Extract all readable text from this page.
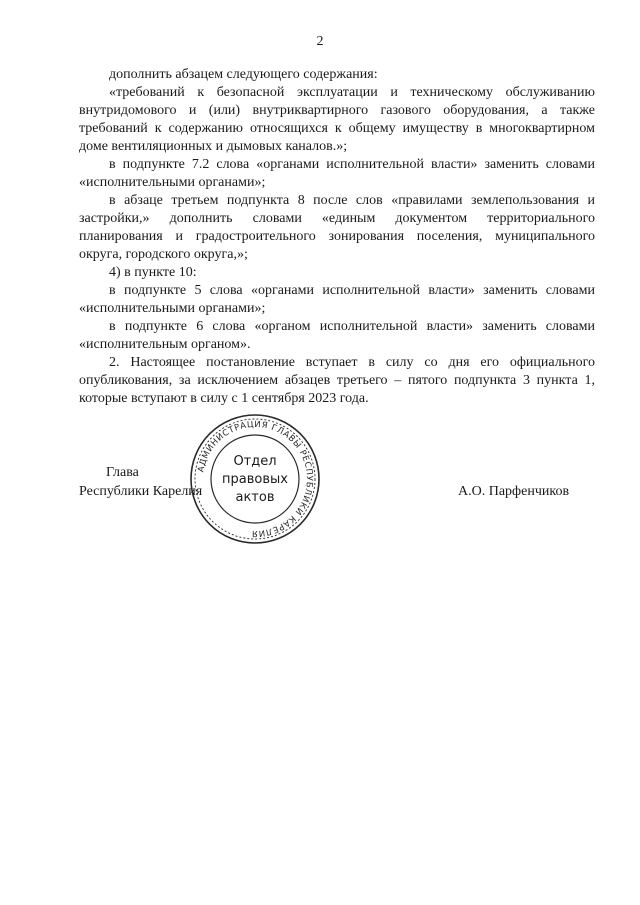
2

дополнить абзацем следующего содержания:

«требований к безопасной эксплуатации и техническому обслуживанию внутридомового и (или) внутриквартирного газового оборудования, а также требований к содержанию относящихся к общему имуществу в многоквартирном доме вентиляционных и дымовых каналов.»;

в подпункте 7.2 слова «органами исполнительной власти» заменить словами «исполнительными органами»;

в абзаце третьем подпункта 8 после слов «правилами землепользования и застройки,» дополнить словами «единым документом территориального планирования и градостроительного зонирования поселения, муниципального округа, городского округа,»;

4) в пункте 10:

в подпункте 5 слова «органами исполнительной власти» заменить словами «исполнительными органами»;

в подпункте 6 слова «органом исполнительной власти» заменить словами «исполнительным органом».

2. Настоящее постановление вступает в силу со дня его официального опубликования, за исключением абзацев третьего – пятого подпункта 3 пункта 1, которые вступают в силу с 1 сентября 2023 года.

Глава
Республики Карелия	А.О. Парфенчиков
АДМИНИСТРАЦИЯ ГЛАВЫ РЕСПУБЛИКИ КАРЕЛИЯ
Отдел
правовых
актов
